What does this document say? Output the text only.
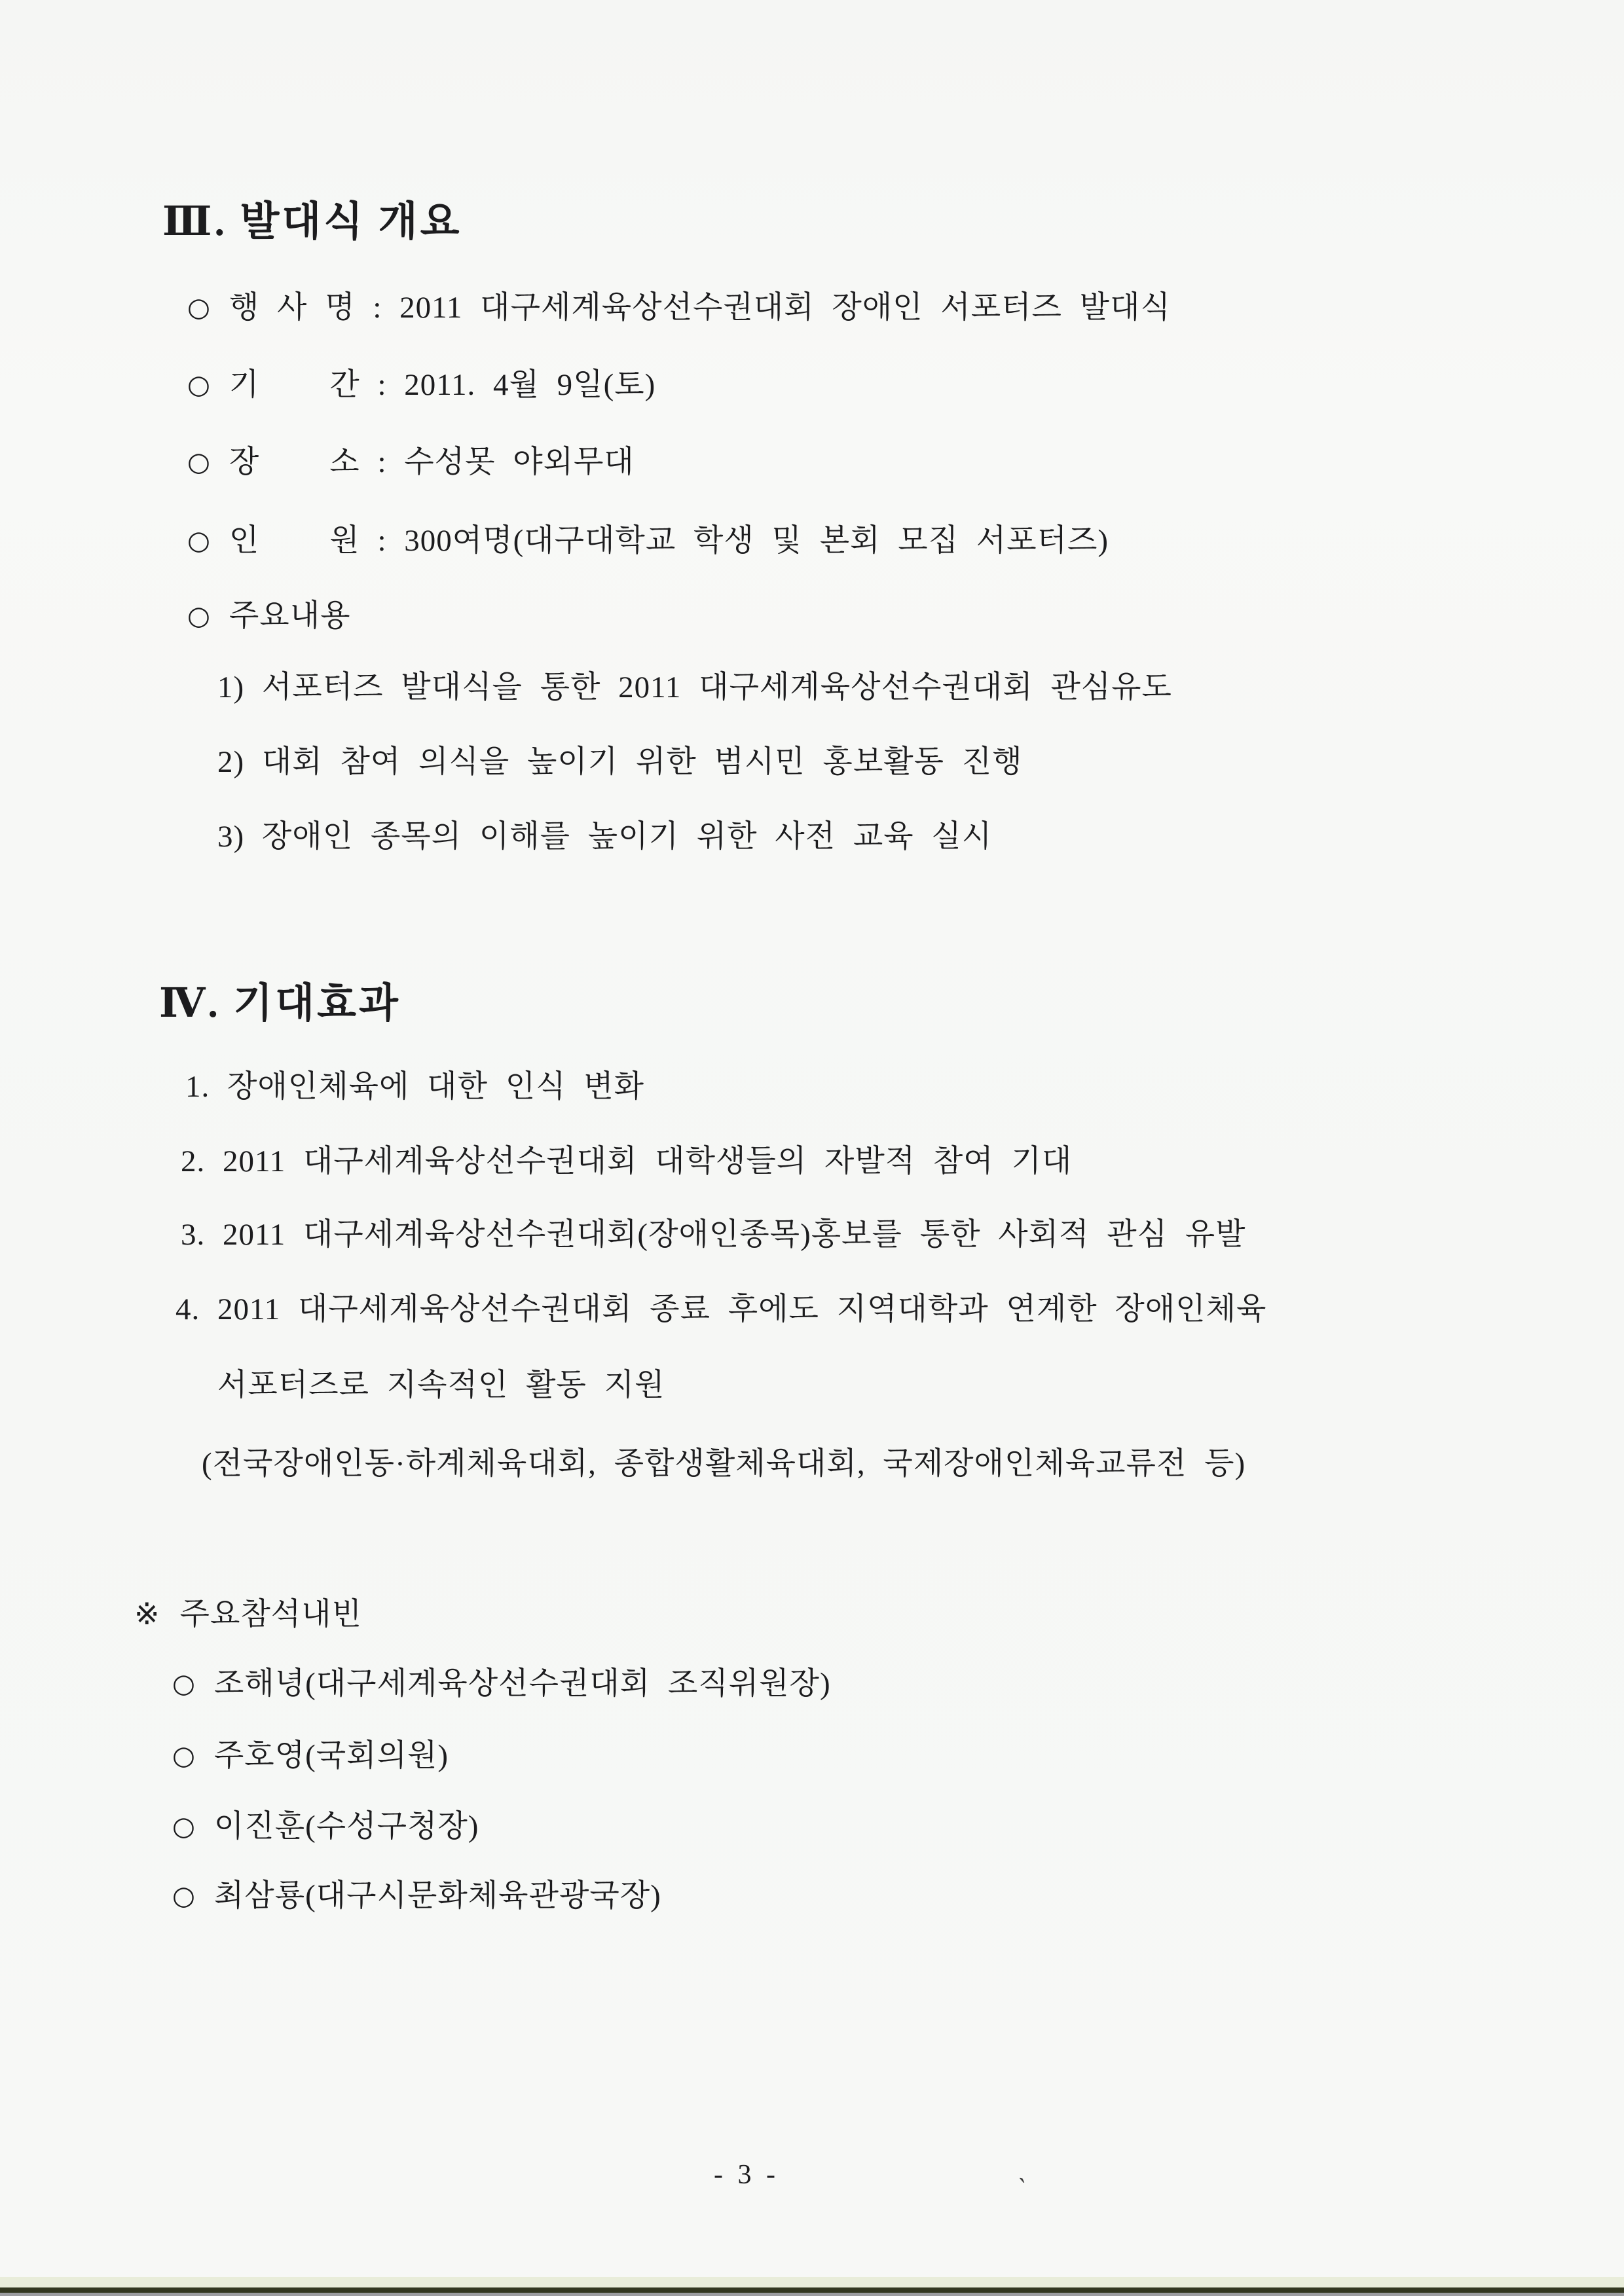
Ⅲ. 발대식 개요
○ 행 사 명 : 2011 대구세계육상선수권대회 장애인 서포터즈 발대식
○ 기    간 : 2011. 4월 9일(토)
○ 장    소 : 수성못 야외무대
○ 인    원 : 300여명(대구대학교 학생 및 본회 모집 서포터즈)
○ 주요내용
1) 서포터즈 발대식을 통한 2011 대구세계육상선수권대회 관심유도
2) 대회 참여 의식을 높이기 위한 범시민 홍보활동 진행
3) 장애인 종목의 이해를 높이기 위한 사전 교육 실시
Ⅳ. 기대효과
1. 장애인체육에 대한 인식 변화
2. 2011 대구세계육상선수권대회 대학생들의 자발적 참여 기대
3. 2011 대구세계육상선수권대회(장애인종목)홍보를 통한 사회적 관심 유발
4. 2011 대구세계육상선수권대회 종료 후에도 지역대학과 연계한 장애인체육
서포터즈로 지속적인 활동 지원
(전국장애인동·하계체육대회, 종합생활체육대회, 국제장애인체육교류전 등)
※ 주요참석내빈
○ 조해녕(대구세계육상선수권대회 조직위원장)
○ 주호영(국회의원)
○ 이진훈(수성구청장)
○ 최삼룡(대구시문화체육관광국장)
- 3 -	`
